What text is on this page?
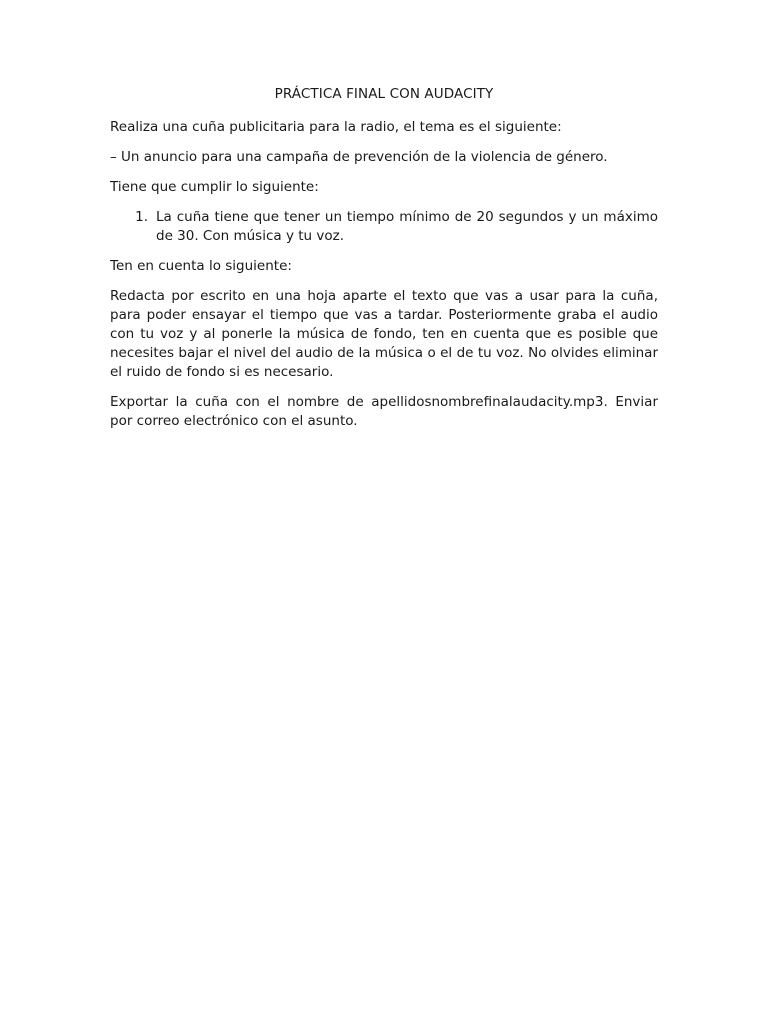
PRÁCTICA FINAL CON AUDACITY

Realiza una cuña publicitaria para la radio, el tema es el siguiente:

– Un anuncio para una campaña de prevención de la violencia de género.

Tiene que cumplir lo siguiente:

1. La cuña tiene que tener un tiempo mínimo de 20 segundos y un máximo de 30. Con música y tu voz.

Ten en cuenta lo siguiente:

Redacta por escrito en una hoja aparte el texto que vas a usar para la cuña, para poder ensayar el tiempo que vas a tardar. Posteriormente graba el audio con tu voz y al ponerle la música de fondo, ten en cuenta que es posible que necesites bajar el nivel del audio de la música o el de tu voz. No olvides eliminar el ruido de fondo si es necesario.

Exportar la cuña con el nombre de apellidosnombrefinalaudacity.mp3. Enviar por correo electrónico con el asunto.
